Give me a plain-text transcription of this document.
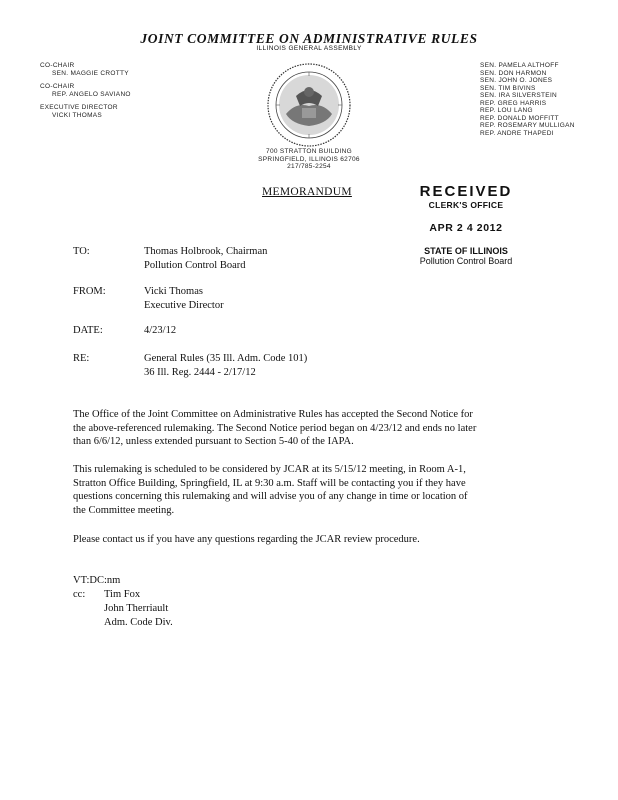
JOINT COMMITTEE ON ADMINISTRATIVE RULES
ILLINOIS GENERAL ASSEMBLY
CO-CHAIR
SEN. MAGGIE CROTTY
CO-CHAIR
REP. ANGELO SAVIANO
EXECUTIVE DIRECTOR
VICKI THOMAS
SEN. PAMELA ALTHOFF
SEN. DON HARMON
SEN. JOHN O. JONES
SEN. TIM BIVINS
SEN. IRA SILVERSTEIN
REP. GREG HARRIS
REP. LOU LANG
REP. DONALD MOFFITT
REP. ROSEMARY MULLIGAN
REP. ANDRE THAPEDI
700 STRATTON BUILDING
SPRINGFIELD, ILLINOIS 62706
217/785-2254
MEMORANDUM	RECEIVED
CLERK'S OFFICE
APR 2 4 2012
STATE OF ILLINOIS
Pollution Control Board
TO:	Thomas Holbrook, Chairman
Pollution Control Board
FROM:	Vicki Thomas
Executive Director
DATE:	4/23/12
RE:	General Rules (35 Ill. Adm. Code 101)
36 Ill. Reg. 2444 - 2/17/12
The Office of the Joint Committee on Administrative Rules has accepted the Second Notice for
the above-referenced rulemaking. The Second Notice period began on 4/23/12 and ends no later
than 6/6/12, unless extended pursuant to Section 5-40 of the IAPA.
This rulemaking is scheduled to be considered by JCAR at its 5/15/12 meeting, in Room A-1,
Stratton Office Building, Springfield, IL at 9:30 a.m. Staff will be contacting you if they have
questions concerning this rulemaking and will advise you of any change in time or location of
the Committee meeting.
Please contact us if you have any questions regarding the JCAR review procedure.
VT:DC:nm
cc: Tim Fox
John Therriault
Adm. Code Div.
